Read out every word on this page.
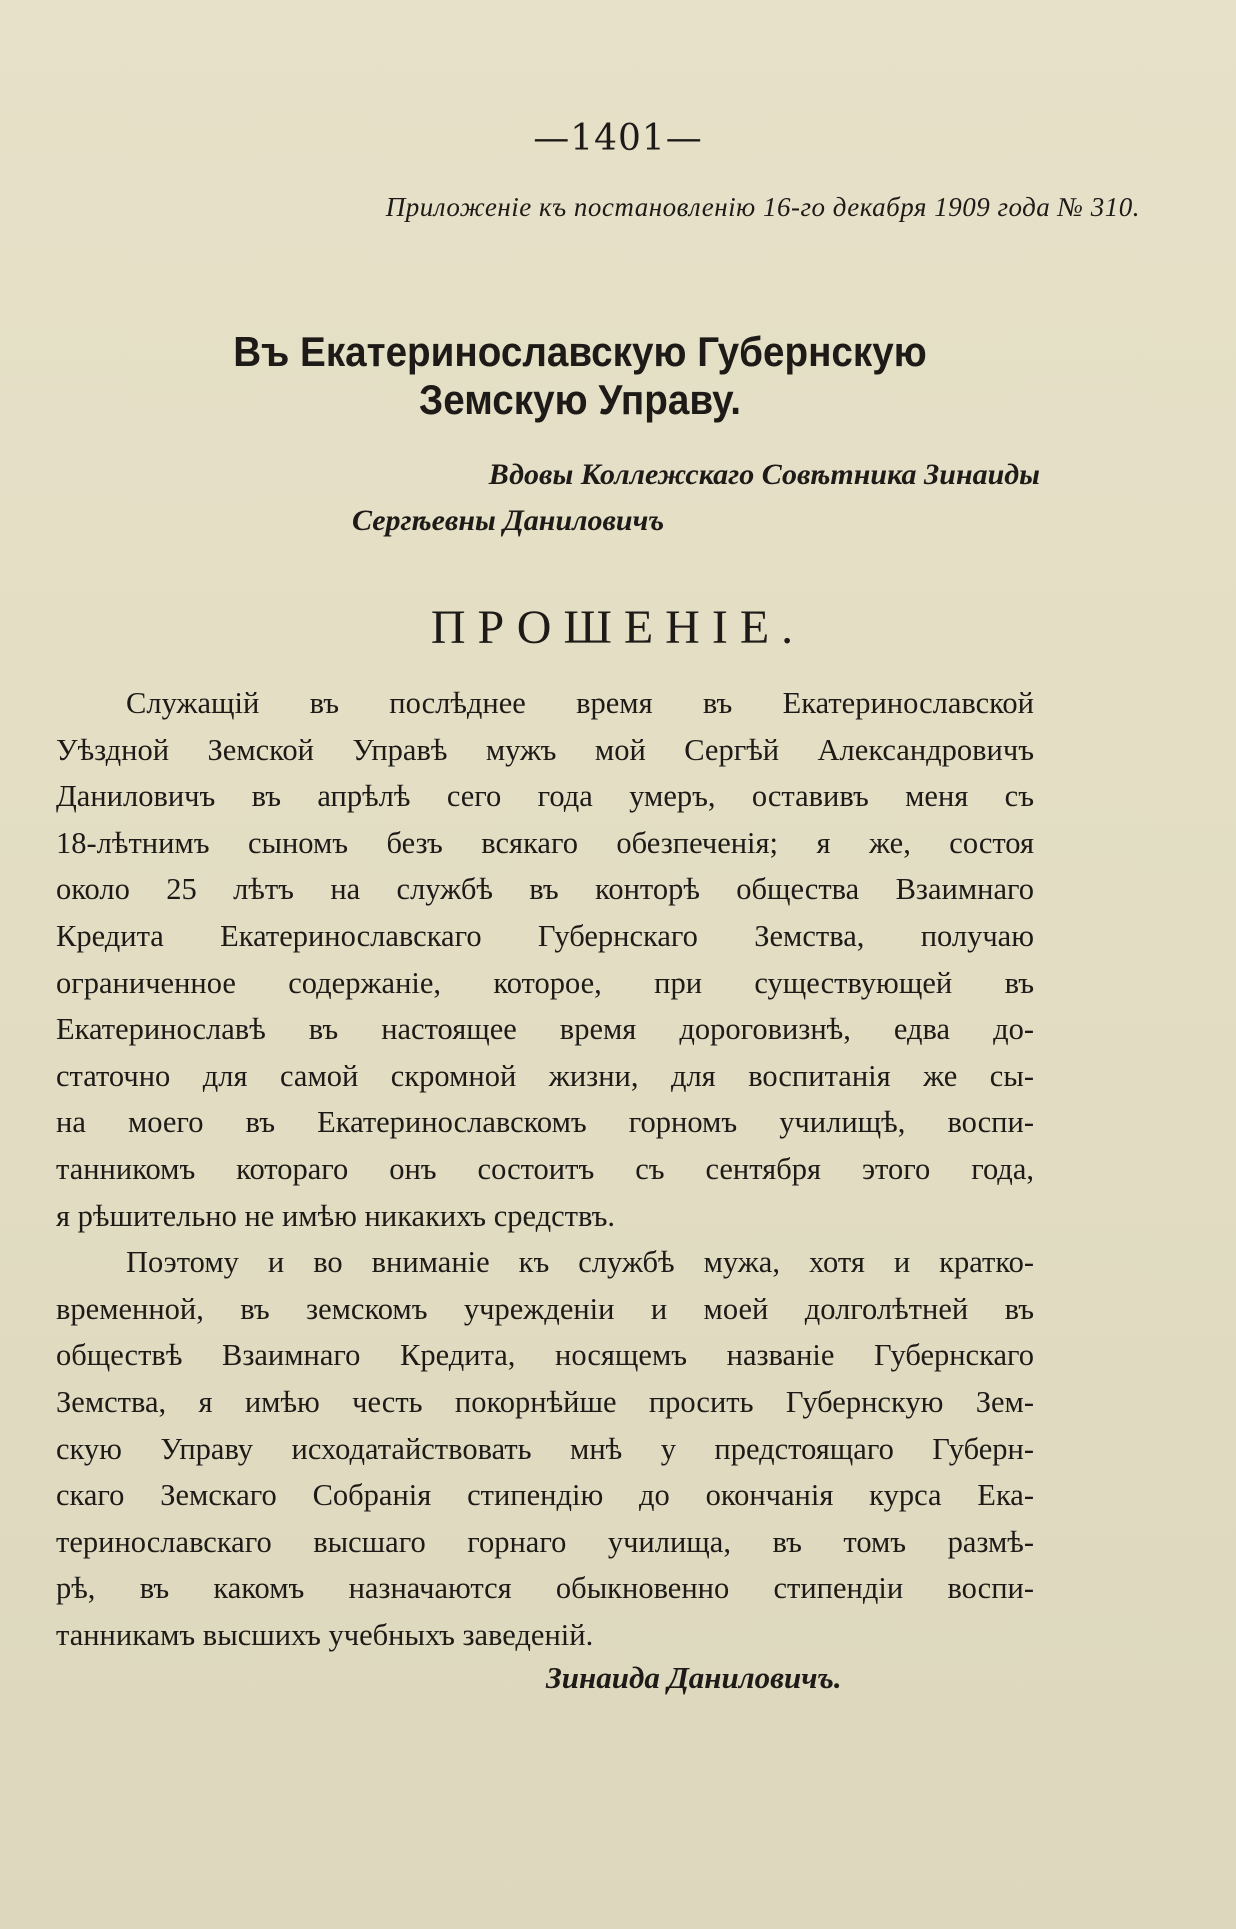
—1401—
Приложеніе къ постановленію 16-го декабря 1909 года № 310.
Въ Екатеринославскую Губернскую Земскую Управу.
Вдовы Коллежскаго Совѣтника Зинаиды
Сергѣевны Даниловичъ
ПРОШЕНІЕ.
Служащій въ послѣднее время въ Екатеринославской
Уѣздной Земской Управѣ мужъ мой Сергѣй Александровичъ
Даниловичъ въ апрѣлѣ сего года умеръ, оставивъ меня съ
18-лѣтнимъ сыномъ безъ всякаго обезпеченія; я же, состоя
около 25 лѣтъ на службѣ въ конторѣ общества Взаимнаго
Кредита Екатеринославскаго Губернскаго Земства, получаю
ограниченное содержаніе, которое, при существующей въ
Екатеринославѣ въ настоящее время дороговизнѣ, едва до-
статочно для самой скромной жизни, для воспитанія же сы-
на моего въ Екатеринославскомъ горномъ училищѣ, воспи-
танникомъ котораго онъ состоитъ съ сентября этого года,
я рѣшительно не имѣю никакихъ средствъ.
Поэтому и во вниманіе къ службѣ мужа, хотя и кратко-
временной, въ земскомъ учрежденіи и моей долголѣтней въ
обществѣ Взаимнаго Кредита, носящемъ названіе Губернскаго
Земства, я имѣю честь покорнѣйше просить Губернскую Зем-
скую Управу исходатайствовать мнѣ у предстоящаго Губерн-
скаго Земскаго Собранія стипендію до окончанія курса Ека-
теринославскаго высшаго горнаго училища, въ томъ размѣ-
рѣ, въ какомъ назначаются обыкновенно стипендіи воспи-
танникамъ высшихъ учебныхъ заведеній.
Зинаида Даниловичъ.
